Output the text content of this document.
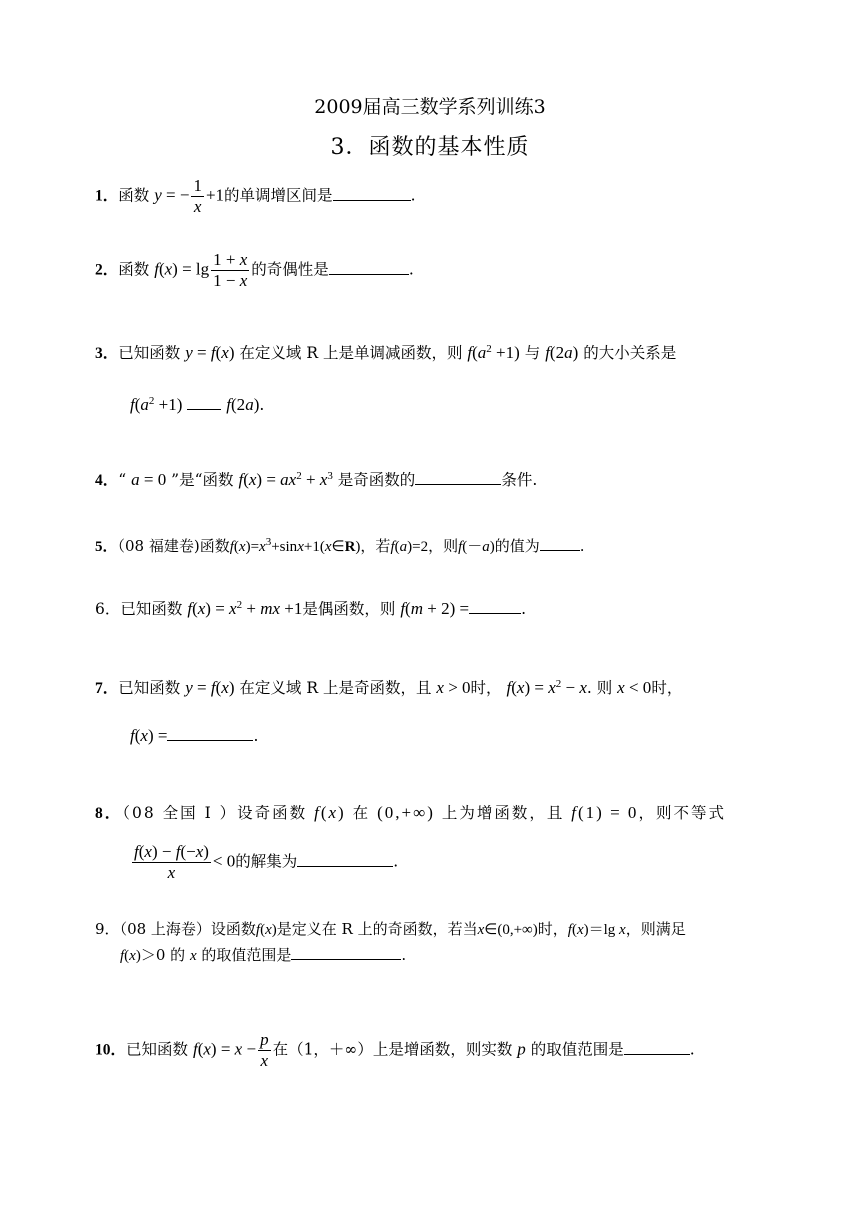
2009届高三数学系列训练3
3．函数的基本性质
1．函数 y = − $\frac{1}{x} +1$的单调增区间是	.
2．函数 $f(x) = \lg \frac{1 + x}{1 - x}$ 的奇偶性是	.
3．已知函数 y = f(x) 在定义域 R 上是单调减函数，则 $f(a^2 +1)$ 与 f(2a) 的大小关系是
$f(a^2 +1)$	f(2a).
4．“ a = 0 ”是“函数 $f(x) = ax^2 + x^3$ 是奇函数的	条件.
5．（08 福建卷)函数$f(x)=x^3+\sin x+1(x\in R)$，若f(a)=2，则f(－a)的值为	.
6．已知函数 $f(x) = x^2$ + mx +1是偶函数，则 f(m + 2) =	.
7．已知函数 y = f(x) 在定义域 R 上是奇函数，且 x > 0时， $f(x) = x^2 - x$. 则 x < 0时，
f(x) =	.
8．（08 全国 Ⅰ ）设奇函数 f(x) 在 (0,+∞) 上为增函数，且 f(1) = 0，则不等式
$\frac{f(x) - f(-x)}{x} < 0$的解集为	.
9．（08 上海卷）设函数f(x)是定义在 R 上的奇函数，若当x∈(0,+∞)时，f(x)＝lg x，则满足
f(x)＞0 的 x 的取值范围是	.
10．已知函数 $f(x) = x - \frac{p}{x}$ 在（1，＋∞）上是增函数，则实数 p 的取值范围是	.
